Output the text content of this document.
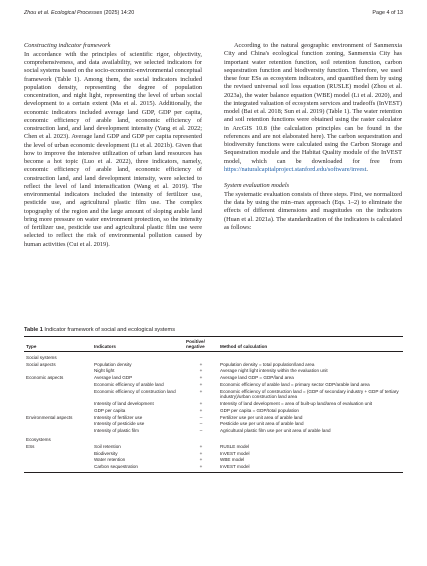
Zhou et al. Ecological Processes (2025) 14:20	Page 4 of 13
Constructing indicator framework

In accordance with the principles of scientific rigor, objectivity, comprehensiveness, and data availability, we selected indicators for social systems based on the socio-economic-environmental conceptual framework (Table 1). Among them, the social indicators included population density, representing the degree of population concentration, and night light, representing the level of urban social development to a certain extent (Ma et al. 2015). Additionally, the economic indicators included average land GDP, GDP per capita, economic efficiency of arable land, economic efficiency of construction land, and land development intensity (Yang et al. 2022; Chen et al. 2023). Average land GDP and GDP per capita represented the level of urban economic development (Li et al. 2021b). Given that how to improve the intensive utilization of urban land resources has become a hot topic (Luo et al. 2022), three indicators, namely, economic efficiency of arable land, economic efficiency of construction land, and land development intensity, were selected to reflect the level of land intensification (Wang et al. 2019). The environmental indicators included the intensity of fertilizer use, pesticide use, and agricultural plastic film use. The complex topography of the region and the large amount of sloping arable land bring more pressure on water environment protection, so the intensity of fertilizer use, pesticide use and agricultural plastic film use were selected to reflect the risk of environmental pollution caused by human activities (Cui et al. 2019).

According to the natural geographic environment of Sanmenxia City and China's ecological function zoning, Sanmenxia City has important water retention function, soil retention function, carbon sequestration function and biodiversity function. Therefore, we used these four ESs as ecosystem indicators, and quantified them by using the revised universal soil loss equation (RUSLE) model (Zhou et al. 2023a), the water balance equation (WBE) model (Li et al. 2020), and the integrated valuation of ecosystem services and tradeoffs (InVEST) model (Bai et al. 2018; Sun et al. 2019) (Table 1). The water retention and soil retention functions were obtained using the raster calculator in ArcGIS 10.8 (the calculation principles can be found in the references and are not elaborated here). The carbon sequestration and biodiversity functions were calculated using the Carbon Storage and Sequestration module and the Habitat Quality module of the InVEST model, which can be downloaded for free from https://naturalcapitalproject.stanford.edu/software/invest.

System evaluation models

The systematic evaluation consists of three steps. First, we normalized the data by using the min–max approach (Eqs. 1–2) to eliminate the effects of different dimensions and magnitudes on the indicators (Huan et al. 2021a). The standardization of the indicators is calculated as follows:

Table 1 Indicator framework of social and ecological systems
Type	Indicators	Positive/ negative	Method of calculation
Social systems			
Social aspects	Population density	+	Population density = total population/land area
	Night light	+	Average night light intensity within the evaluation unit
Economic aspects	Average land GDP	+	Average land GDP = GDP/land area
	Economic efficiency of arable land	+	Economic efficiency of arable land = primary sector GDP/arable land area
	Economic efficiency of construction land	+	Economic efficiency of construction land = (GDP of secondary industry + GDP of tertiary industry)/urban construction land area
	Intensity of land development	+	Intensity of land development = area of built-up land/area of evaluation unit
	GDP per capita	+	GDP per capita = GDP/total population
Environmental aspects	Intensity of fertilizer use	–	Fertilizer use per unit area of arable land
	Intensity of pesticide use	–	Pesticide use per unit area of arable land
	Intensity of plastic film	–	Agricultural plastic film use per unit area of arable land
Ecosystems			
ESs	Soil retention	+	RUSLE model
	Biodiversity	+	InVEST model
	Water retention	+	WBE model
	Carbon sequestration	+	InVEST model
